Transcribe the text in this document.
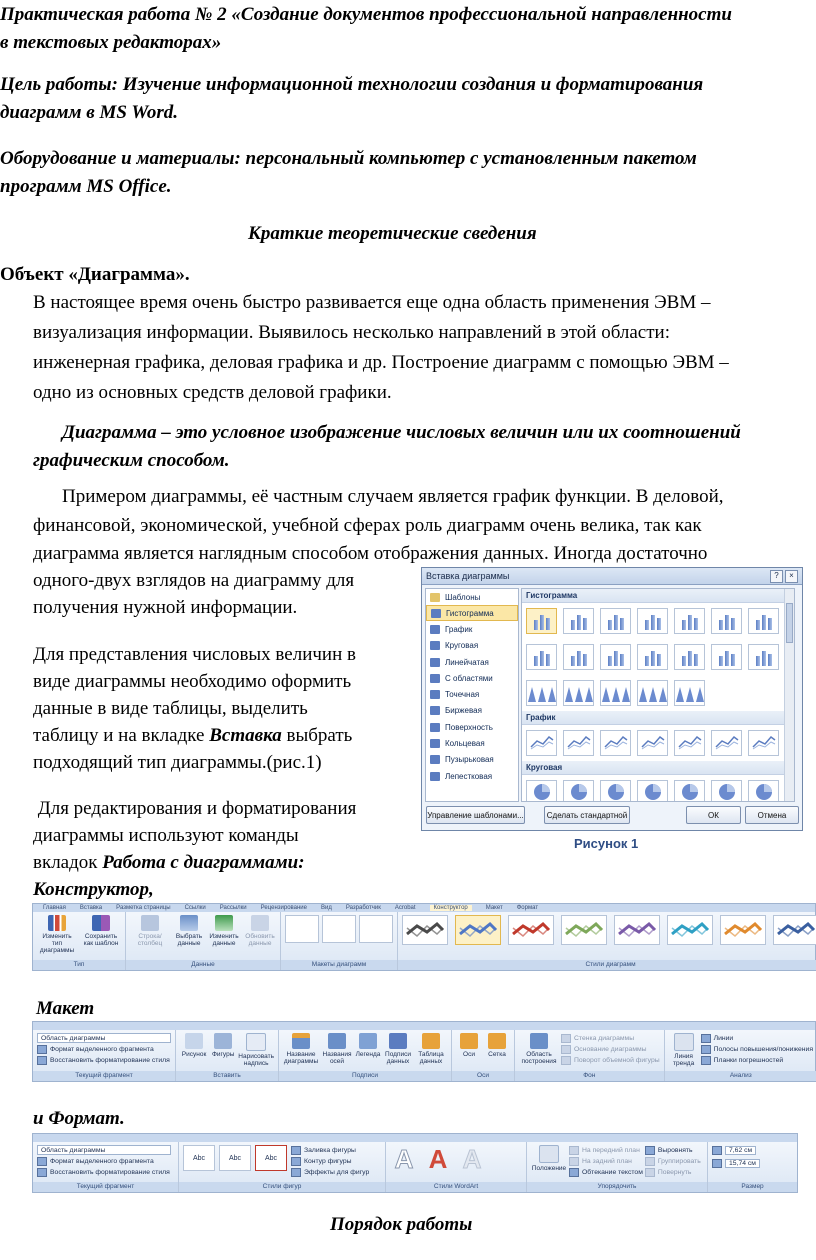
Практическая работа № 2 «Создание документов профессиональной направленности

в текстовых редакторах»

Цель работы: Изучение информационной технологии создания и форматирования

диаграмм в MS Word.

Оборудование и материалы: персональный компьютер с установленным пакетом

программ MS Office.

Краткие теоретические сведения

Объект «Диаграмма».

В настоящее время очень быстро развивается еще одна область применения ЭВМ –

визуализация информации. Выявилось несколько направлений в этой области:

инженерная графика, деловая графика и др. Построение диаграмм с помощью ЭВМ –

одно из основных средств деловой графики.

Диаграмма – это условное изображение числовых величин или их соотношений

графическим способом.

Примером диаграммы, её частным случаем является график функции. В деловой,

финансовой, экономической, учебной сферах роль диаграмм очень велика, так как

диаграмма является наглядным способом отображения данных. Иногда достаточно

одного-двух взглядов на диаграмму для

получения нужной информации.

Для представления числовых величин в

виде диаграммы необходимо оформить

данные в виде таблицы, выделить

таблицу и на вкладке Вставка выбрать

подходящий тип диаграммы.(рис.1)

Для редактирования и форматирования

диаграммы используют команды

вкладок Работа с диаграммами:

Конструктор,

Вставка диаграммы	?	×
Шаблоны
Гистограмма
График
Круговая
Линейчатая
С областями
Точечная
Биржевая
Поверхность
Кольцевая
Пузырьковая
Лепестковая
Гистограмма
График
Круговая
Управление шаблонами...	Сделать стандартной	ОК	Отмена
Рисунок 1
Главная Вставка Разметка страницы Ссылки Рассылки Рецензирование Вид Разработчик Acrobat	Конструктор	Макет Формат
Изменить тип диаграммы
Сохранить как шаблон
Тип
Строка/столбец
Выбрать данные
Изменить данные
Обновить данные
Данные	Макеты диаграмм	Стили диаграмм

Макет

Область диаграммы
Формат выделенного фрагмента
Восстановить форматирование стиля
Текущий фрагмент
Рисунок Фигуры Нарисовать надпись
Вставить
Название диаграммы
Названия осей
Легенда Подписи данных
Таблица данных
Подписи
Оси Сетка
Оси
Область построения
Стенка диаграммы
Основание диаграммы
Поворот объемной фигуры
Фон
Линия тренда
Линии
Полосы повышения/понижения
Планки погрешностей
Анализ

и Формат.

Область диаграммы
Формат выделенного фрагмента
Восстановить форматирование стиля
Текущий фрагмент
Abc	Abc	Abc
Заливка фигуры
Контур фигуры
Эффекты для фигур
Стили фигур
A A A
Стили WordArt
Положение
На передний план
На задний план
Обтекание текстом
Выровнять
Группировать
Повернуть
Упорядочить
7,62 см
15,74 см
Размер

Порядок работы
